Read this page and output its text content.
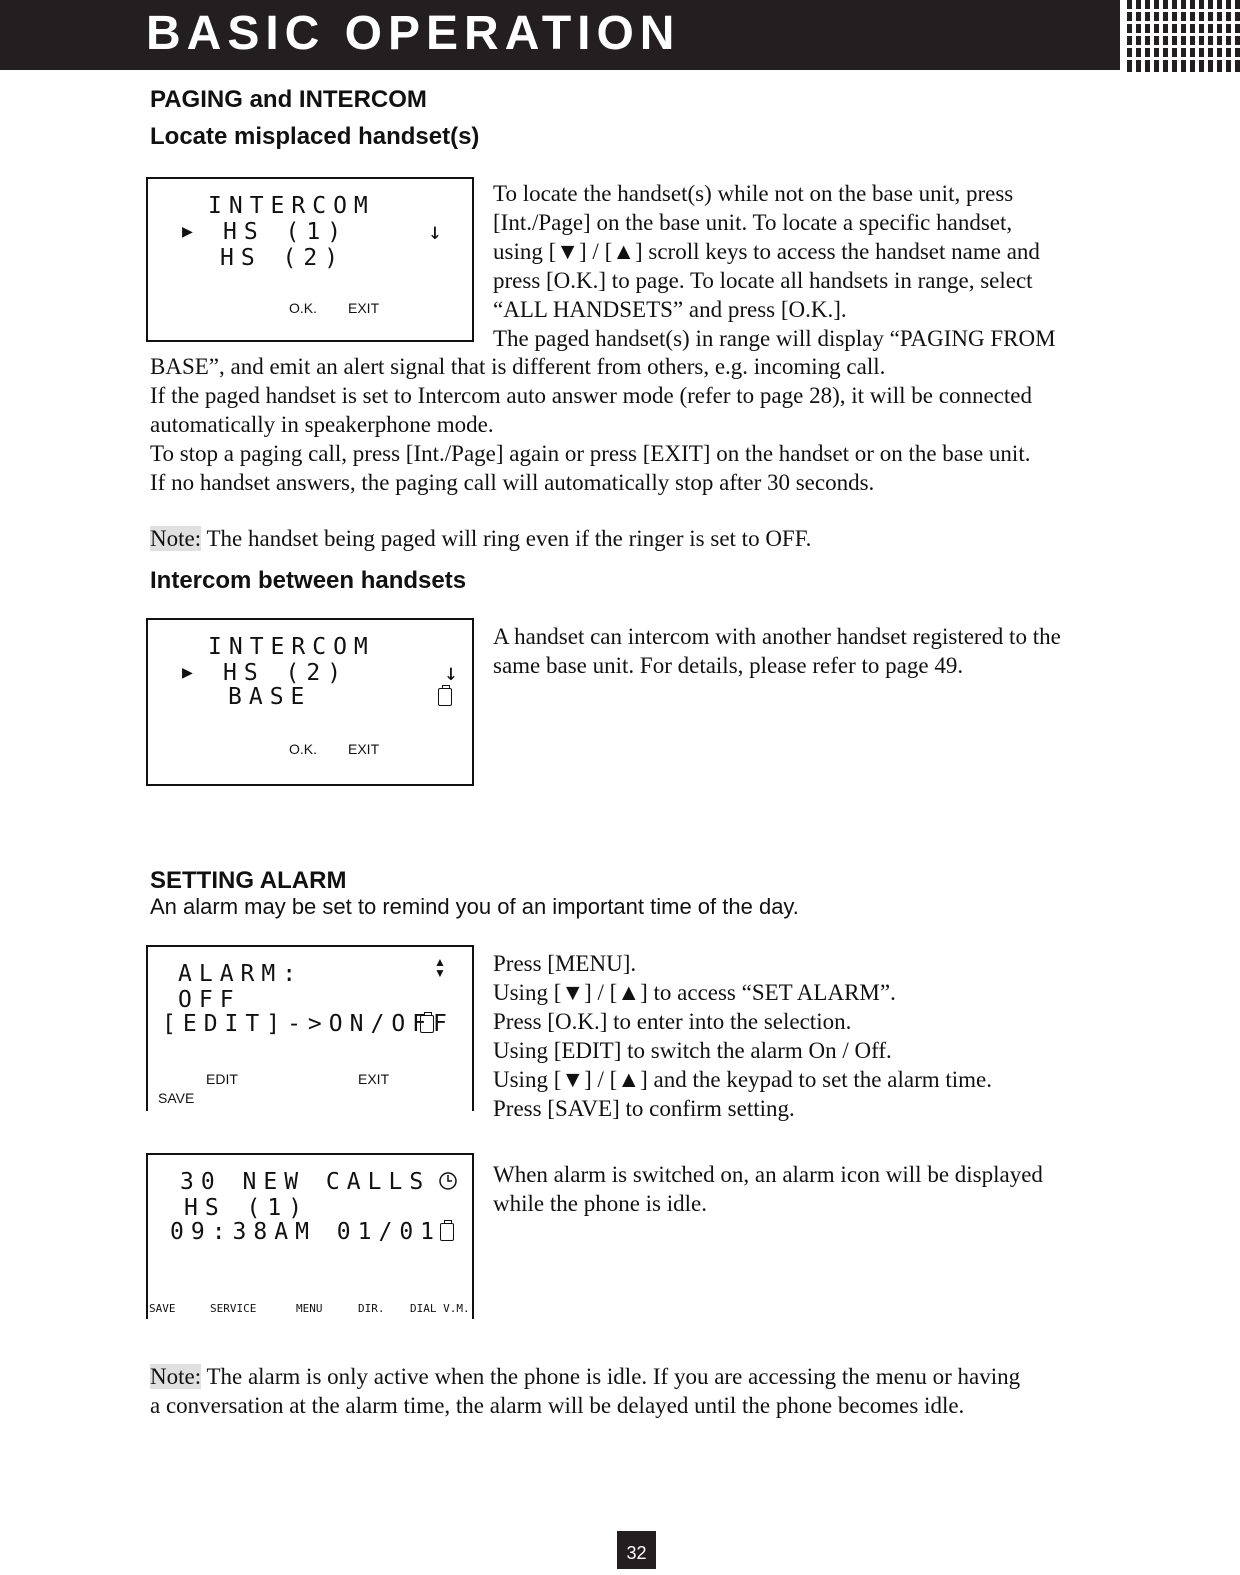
BASIC OPERATION
PAGING and INTERCOM
Locate misplaced handset(s)
INTERCOM
▶ HS (1)	↓
HS (2)
O.K. EXIT
To locate the handset(s) while not on the base unit, press
[Int./Page] on the base unit. To locate a specific handset,
using [▼] / [▲] scroll keys to access the handset name and
press [O.K.] to page. To locate all handsets in range, select
“ALL HANDSETS” and press [O.K.].
The paged handset(s) in range will display “PAGING FROM
BASE”, and emit an alert signal that is different from others, e.g. incoming call.
If the paged handset is set to Intercom auto answer mode (refer to page 28), it will be connected
automatically in speakerphone mode.
To stop a paging call, press [Int./Page] again or press [EXIT] on the handset or on the base unit.
If no handset answers, the paging call will automatically stop after 30 seconds.
Note: The handset being paged will ring even if the ringer is set to OFF.
Intercom between handsets
INTERCOM
▶ HS (2)	↓
BASE
O.K. EXIT
A handset can intercom with another handset registered to the
same base unit. For details, please refer to page 49.
SETTING ALARM
An alarm may be set to remind you of an important time of the day.
ALARM:	▲
▼
OFF
[EDIT]->ON/OFF
EDIT	EXIT
SAVE
Press [MENU].
Using [▼] / [▲] to access “SET ALARM”.
Press [O.K.] to enter into the selection.
Using [EDIT] to switch the alarm On / Off.
Using [▼] / [▲] and the keypad to set the alarm time.
Press [SAVE] to confirm setting.
30 NEW CALLS
HS (1)
09:38AM 01/01
SAVE	SERVICE	MENU	DIR. DIAL V.M.
When alarm is switched on, an alarm icon will be displayed
while the phone is idle.
Note: The alarm is only active when the phone is idle. If you are accessing the menu or having
a conversation at the alarm time, the alarm will be delayed until the phone becomes idle.
32
